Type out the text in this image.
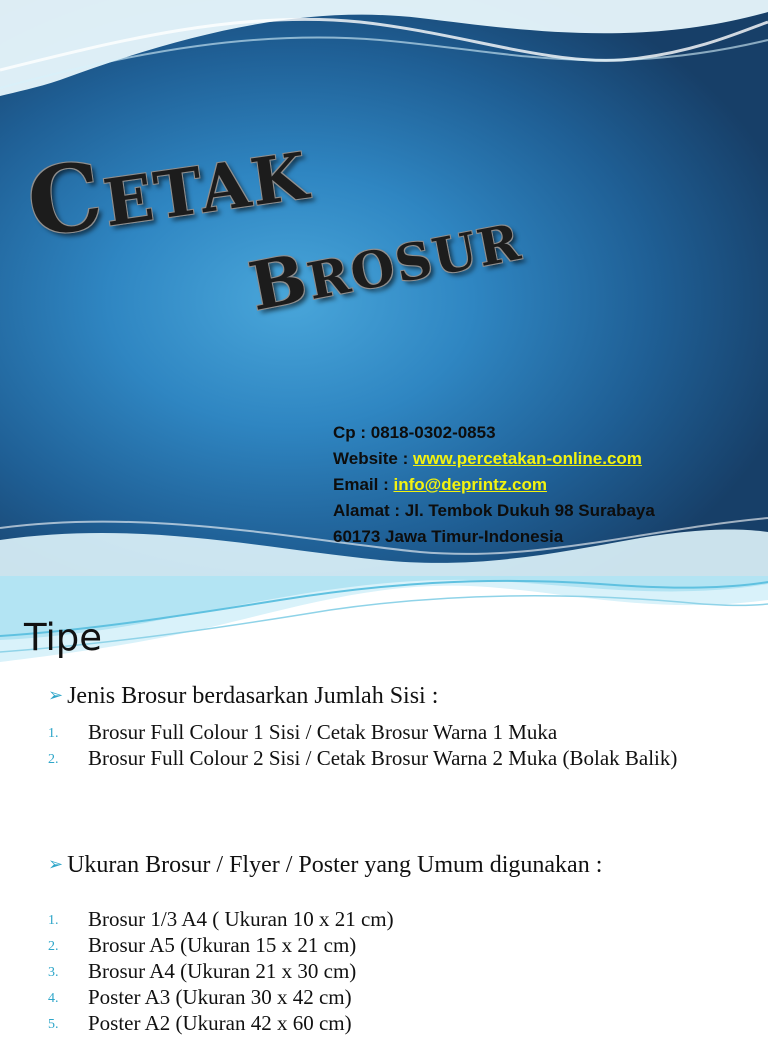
CETAK
BROSUR
Cp : 0818-0302-0853
Website : www.percetakan-online.com
Email : info@deprintz.com
Alamat : Jl. Tembok Dukuh 98 Surabaya
60173 Jawa Timur-Indonesia
Tipe
➢ Jenis Brosur berdasarkan Jumlah Sisi :
1. Brosur Full Colour 1 Sisi / Cetak Brosur Warna 1 Muka
2. Brosur Full Colour 2 Sisi / Cetak Brosur Warna 2 Muka (Bolak Balik)
➢ Ukuran Brosur / Flyer / Poster yang Umum digunakan :
1. Brosur 1/3 A4 ( Ukuran 10 x 21 cm)
2. Brosur A5 (Ukuran 15 x 21 cm)
3. Brosur A4 (Ukuran 21 x 30 cm)
4. Poster A3 (Ukuran 30 x 42 cm)
5. Poster A2 (Ukuran 42 x 60 cm)
